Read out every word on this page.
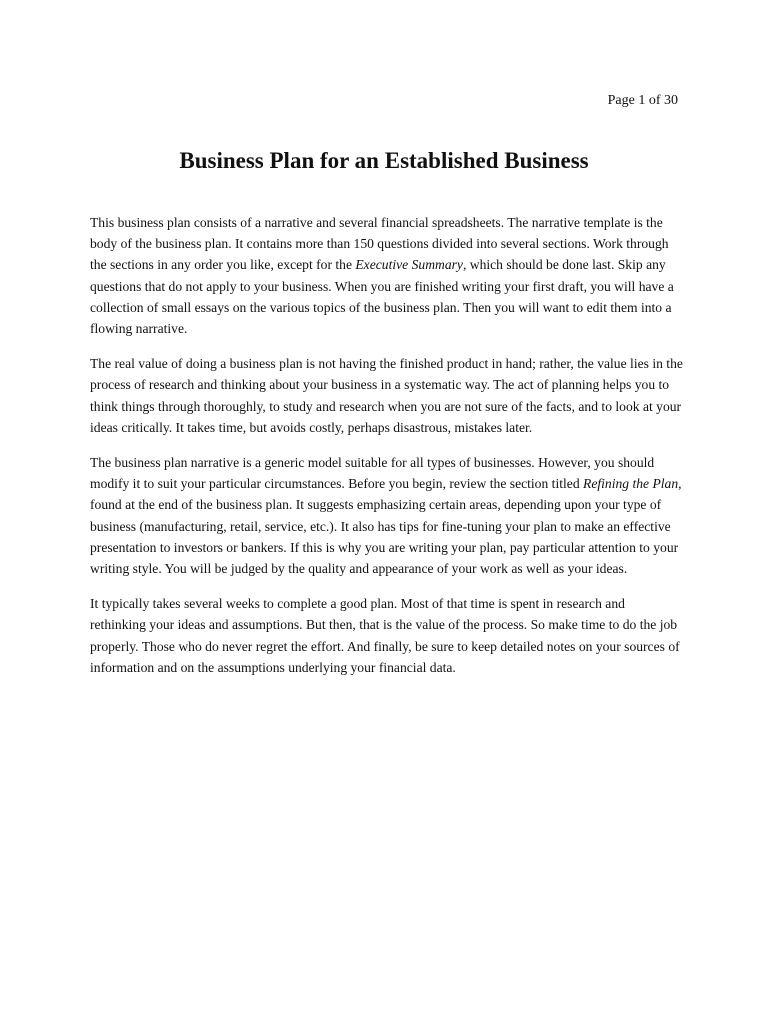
Page 1 of 30
Business Plan for an Established Business

This business plan consists of a narrative and several financial spreadsheets. The narrative template is the body of the business plan. It contains more than 150 questions divided into several sections. Work through the sections in any order you like, except for the Executive Summary, which should be done last. Skip any questions that do not apply to your business. When you are finished writing your first draft, you will have a collection of small essays on the various topics of the business plan. Then you will want to edit them into a flowing narrative.

The real value of doing a business plan is not having the finished product in hand; rather, the value lies in the process of research and thinking about your business in a systematic way. The act of planning helps you to think things through thoroughly, to study and research when you are not sure of the facts, and to look at your ideas critically. It takes time, but avoids costly, perhaps disastrous, mistakes later.

The business plan narrative is a generic model suitable for all types of businesses. However, you should modify it to suit your particular circumstances. Before you begin, review the section titled Refining the Plan, found at the end of the business plan. It suggests emphasizing certain areas, depending upon your type of business (manufacturing, retail, service, etc.). It also has tips for fine-tuning your plan to make an effective presentation to investors or bankers. If this is why you are writing your plan, pay particular attention to your writing style. You will be judged by the quality and appearance of your work as well as your ideas.

It typically takes several weeks to complete a good plan. Most of that time is spent in research and rethinking your ideas and assumptions. But then, that is the value of the process. So make time to do the job properly. Those who do never regret the effort. And finally, be sure to keep detailed notes on your sources of information and on the assumptions underlying your financial data.
